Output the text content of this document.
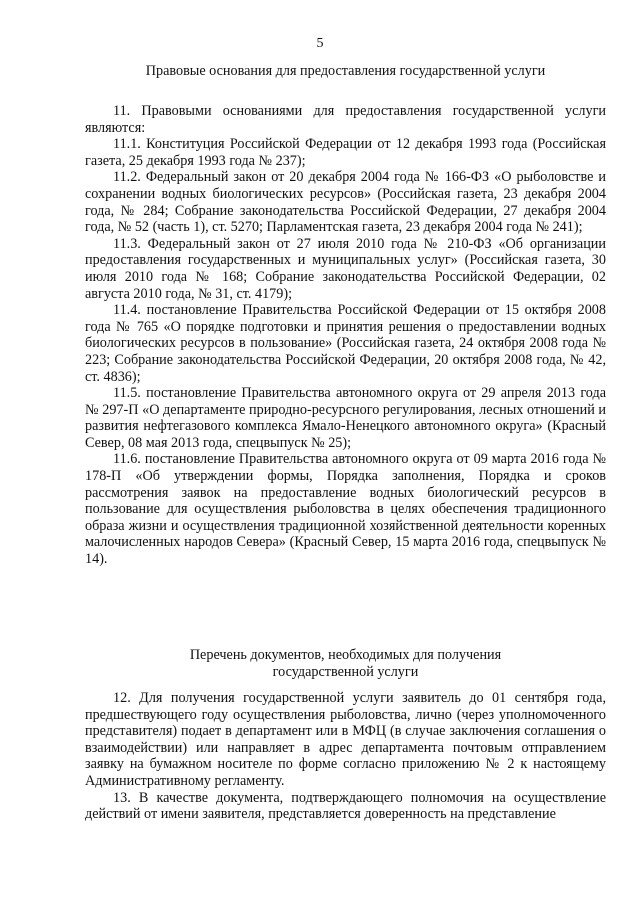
5

Правовые основания для предоставления государственной услуги

11. Правовыми основаниями для предоставления государственной услуги являются:

11.1. Конституция Российской Федерации от 12 декабря 1993 года (Российская газета, 25 декабря 1993 года № 237);

11.2. Федеральный закон от 20 декабря 2004 года № 166-ФЗ «О рыболовстве и сохранении водных биологических ресурсов» (Российская газета, 23 декабря 2004 года, № 284; Собрание законодательства Российской Федерации, 27 декабря 2004 года, № 52 (часть 1), ст. 5270; Парламентская газета, 23 декабря 2004 года № 241);

11.3. Федеральный закон от 27 июля 2010 года № 210-ФЗ «Об организации предоставления государственных и муниципальных услуг» (Российская газета, 30 июля 2010 года № 168; Собрание законодательства Российской Федерации, 02 августа 2010 года, № 31, ст. 4179);

11.4. постановление Правительства Российской Федерации от 15 октября 2008 года № 765 «О порядке подготовки и принятия решения о предоставлении водных биологических ресурсов в пользование» (Российская газета, 24 октября 2008 года № 223; Собрание законодательства Российской Федерации, 20 октября 2008 года, № 42, ст. 4836);

11.5. постановление Правительства автономного округа от 29 апреля 2013 года № 297-П «О департаменте природно-ресурсного регулирования, лесных отношений и развития нефтегазового комплекса Ямало-Ненецкого автономного округа» (Красный Север, 08 мая 2013 года, спецвыпуск № 25);

11.6. постановление Правительства автономного округа от 09 марта 2016 года № 178-П «Об утверждении формы, Порядка заполнения, Порядка и сроков рассмотрения заявок на предоставление водных биологический ресурсов в пользование для осуществления рыболовства в целях обеспечения традиционного образа жизни и осуществления традиционной хозяйственной деятельности коренных малочисленных народов Севера» (Красный Север, 15 марта 2016 года, спецвыпуск № 14).

Перечень документов, необходимых для получения
государственной услуги

12. Для получения государственной услуги заявитель до 01 сентября года, предшествующего году осуществления рыболовства, лично (через уполномоченного представителя) подает в департамент или в МФЦ (в случае заключения соглашения о взаимодействии) или направляет в адрес департамента почтовым отправлением заявку на бумажном носителе по форме согласно приложению № 2 к настоящему Административному регламенту.

13. В качестве документа, подтверждающего полномочия на осуществление действий от имени заявителя, представляется доверенность на представление
